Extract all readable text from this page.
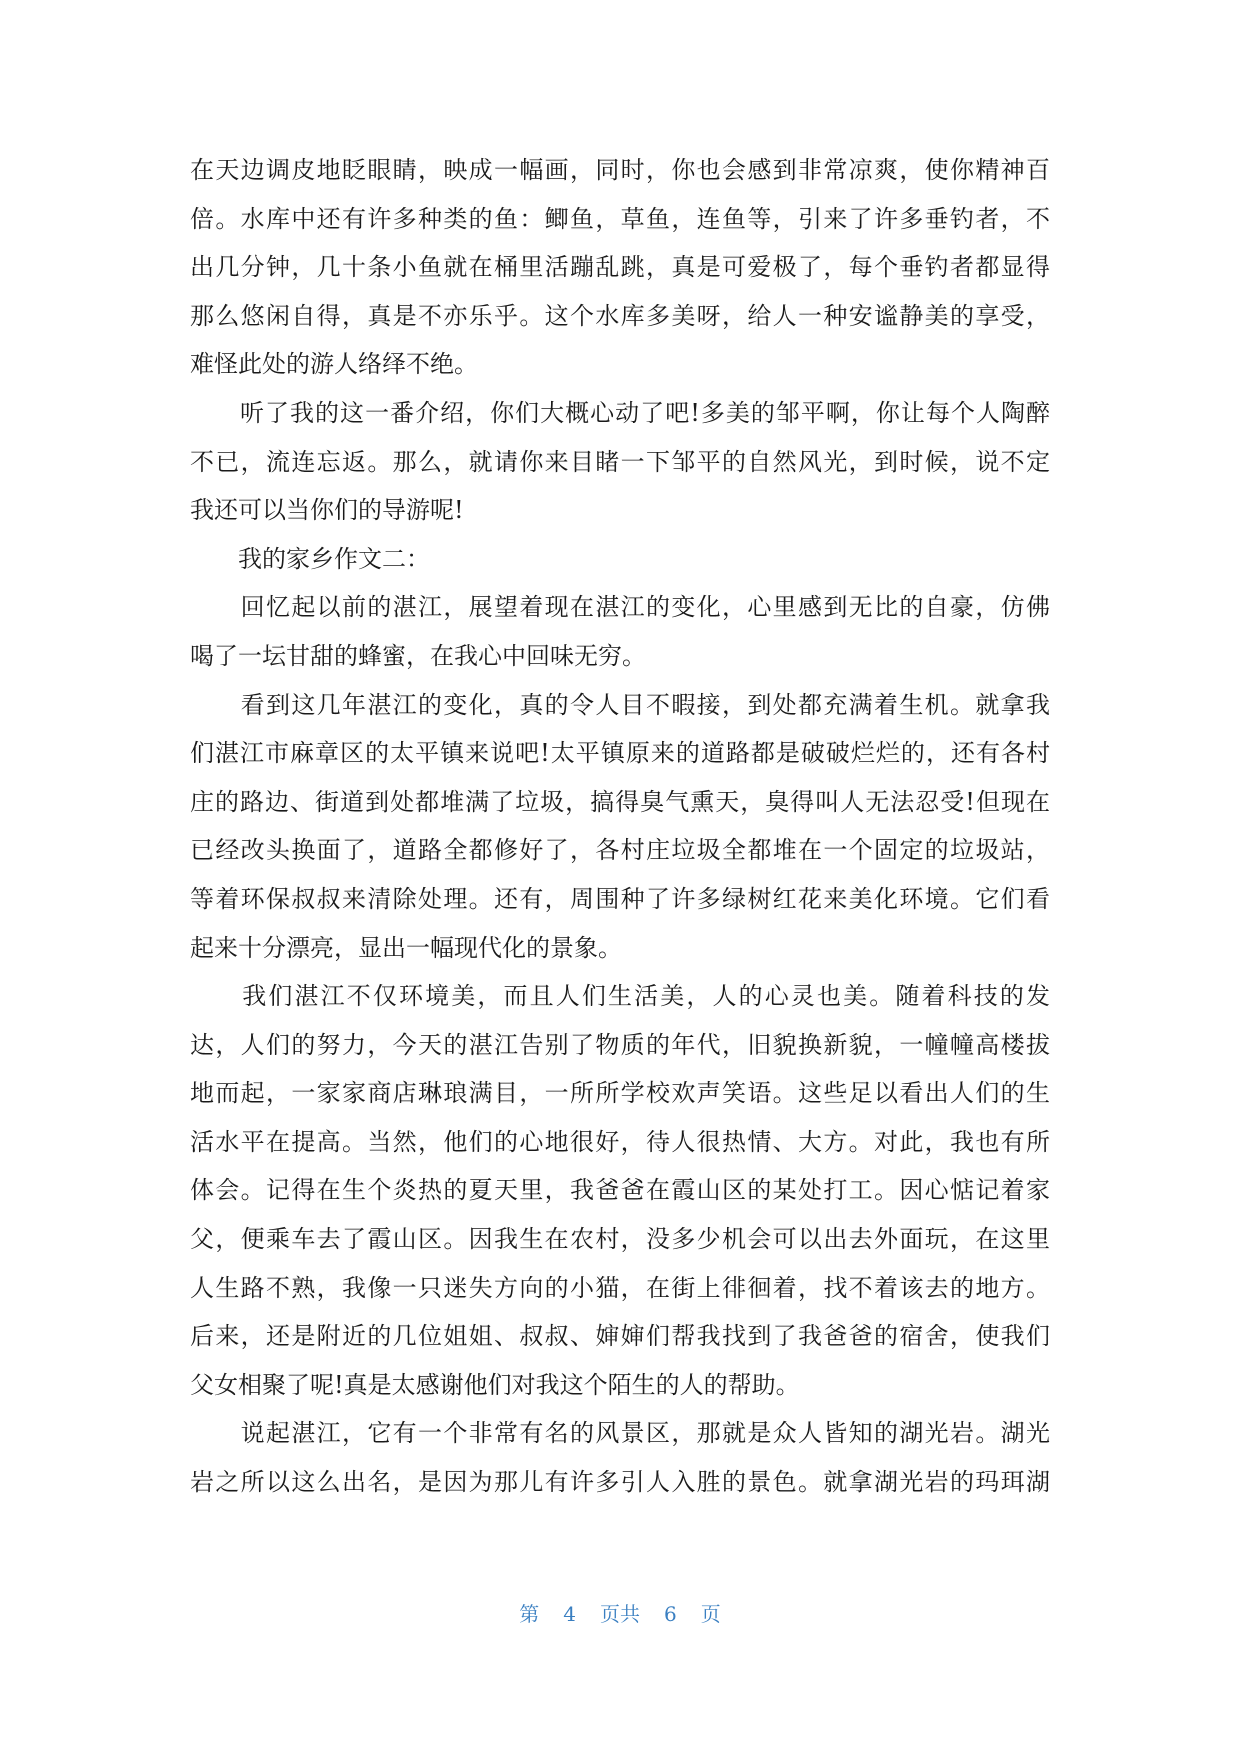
在天边调皮地眨眼睛，映成一幅画，同时，你也会感到非常凉爽，使你精神百
倍。水库中还有许多种类的鱼：鲫鱼，草鱼，连鱼等，引来了许多垂钓者，不
出几分钟，几十条小鱼就在桶里活蹦乱跳，真是可爱极了，每个垂钓者都显得
那么悠闲自得，真是不亦乐乎。这个水库多美呀，给人一种安谧静美的享受，
难怪此处的游人络绎不绝。
　　听了我的这一番介绍，你们大概心动了吧!多美的邹平啊，你让每个人陶醉
不已，流连忘返。那么，就请你来目睹一下邹平的自然风光，到时候，说不定
我还可以当你们的导游呢!
　　我的家乡作文二：
　　回忆起以前的湛江，展望着现在湛江的变化，心里感到无比的自豪，仿佛
喝了一坛甘甜的蜂蜜，在我心中回味无穷。
　　看到这几年湛江的变化，真的令人目不暇接，到处都充满着生机。就拿我
们湛江市麻章区的太平镇来说吧!太平镇原来的道路都是破破烂烂的，还有各村
庄的路边、街道到处都堆满了垃圾，搞得臭气熏天，臭得叫人无法忍受!但现在
已经改头换面了，道路全都修好了，各村庄垃圾全都堆在一个固定的垃圾站，
等着环保叔叔来清除处理。还有，周围种了许多绿树红花来美化环境。它们看
起来十分漂亮，显出一幅现代化的景象。
　　我们湛江不仅环境美，而且人们生活美，人的心灵也美。随着科技的发
达，人们的努力，今天的湛江告别了物质的年代，旧貌换新貌，一幢幢高楼拔
地而起，一家家商店琳琅满目，一所所学校欢声笑语。这些足以看出人们的生
活水平在提高。当然，他们的心地很好，待人很热情、大方。对此，我也有所
体会。记得在生个炎热的夏天里，我爸爸在霞山区的某处打工。因心惦记着家
父，便乘车去了霞山区。因我生在农村，没多少机会可以出去外面玩，在这里
人生路不熟，我像一只迷失方向的小猫，在街上徘徊着，找不着该去的地方。
后来，还是附近的几位姐姐、叔叔、婶婶们帮我找到了我爸爸的宿舍，使我们
父女相聚了呢!真是太感谢他们对我这个陌生的人的帮助。
　　说起湛江，它有一个非常有名的风景区，那就是众人皆知的湖光岩。湖光
岩之所以这么出名，是因为那儿有许多引人入胜的景色。就拿湖光岩的玛珥湖
第 4 页共 6 页
